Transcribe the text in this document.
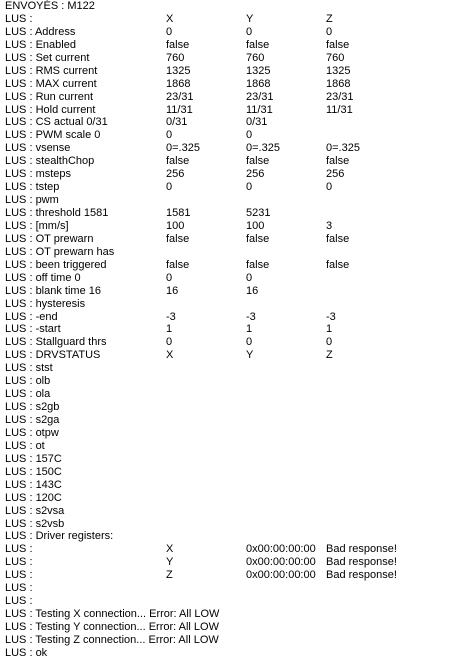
ENVOYÉS : M122
LUS :	X	Y	Z
LUS : Address	0	0	0
LUS : Enabled	false	false	false
LUS : Set current	760	760	760
LUS : RMS current	1325	1325	1325
LUS : MAX current	1868	1868	1868
LUS : Run current	23/31	23/31	23/31
LUS : Hold current	11/31	11/31	11/31
LUS : CS actual 0/31	0/31	0/31
LUS : PWM scale 0	0	0
LUS : vsense	0=.325	0=.325	0=.325
LUS : stealthChop	false	false	false
LUS : msteps	256	256	256
LUS : tstep	0	0	0
LUS : pwm
LUS : threshold 1581	1581	5231
LUS : [mm/s]	100	100	3
LUS : OT prewarn	false	false	false
LUS : OT prewarn has
LUS : been triggered	false	false	false
LUS : off time 0	0	0
LUS : blank time 16	16	16
LUS : hysteresis
LUS : -end	-3	-3	-3
LUS : -start	1	1	1
LUS : Stallguard thrs	0	0	0
LUS : DRVSTATUS	X	Y	Z
LUS : stst
LUS : olb
LUS : ola
LUS : s2gb
LUS : s2ga
LUS : otpw
LUS : ot
LUS : 157C
LUS : 150C
LUS : 143C
LUS : 120C
LUS : s2vsa
LUS : s2vsb
LUS : Driver registers:
LUS :	X	0x00:00:00:00 Bad response!
LUS :	Y	0x00:00:00:00 Bad response!
LUS :	Z	0x00:00:00:00 Bad response!
LUS :
LUS :
LUS : Testing X connection... Error: All LOW
LUS : Testing Y connection... Error: All LOW
LUS : Testing Z connection... Error: All LOW
LUS : ok
